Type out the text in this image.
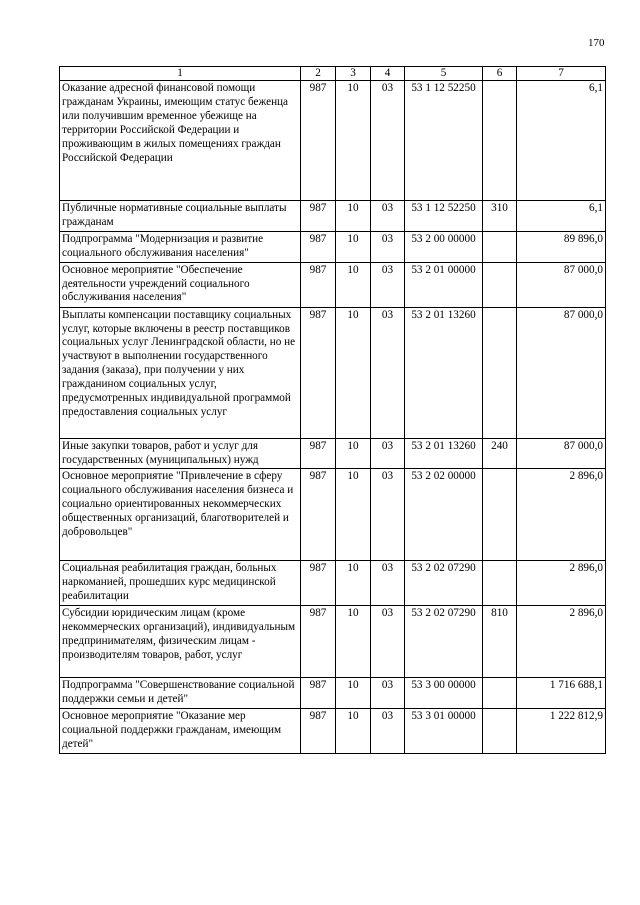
170
1	2	3	4	5	6	7
Оказание адресной финансовой помощи гражданам Украины, имеющим статус беженца или получившим временное убежище на территории Российской Федерации и проживающим в жилых помещениях граждан Российской Федерации	987	10	03	53 1 12 52250		6,1
Публичные нормативные социальные выплаты гражданам	987	10	03	53 1 12 52250	310	6,1
Подпрограмма "Модернизация и развитие социального обслуживания населения"	987	10	03	53 2 00 00000		89 896,0
Основное мероприятие "Обеспечение деятельности учреждений социального обслуживания населения"	987	10	03	53 2 01 00000		87 000,0
Выплаты компенсации поставщику социальных услуг, которые включены в реестр поставщиков социальных услуг Ленинградской области, но не участвуют в выполнении государственного задания (заказа), при получении у них гражданином социальных услуг, предусмотренных индивидуальной программой предоставления социальных услуг	987	10	03	53 2 01 13260		87 000,0
Иные закупки товаров, работ и услуг для государственных (муниципальных) нужд	987	10	03	53 2 01 13260	240	87 000,0
Основное мероприятие "Привлечение в сферу социального обслуживания населения бизнеса и социально ориентированных некоммерческих общественных организаций, благотворителей и добровольцев"	987	10	03	53 2 02 00000		2 896,0
Социальная реабилитация граждан, больных наркоманией, прошедших курс медицинской реабилитации	987	10	03	53 2 02 07290		2 896,0
Субсидии юридическим лицам (кроме некоммерческих организаций), индивидуальным предпринимателям, физическим лицам - производителям товаров, работ, услуг	987	10	03	53 2 02 07290	810	2 896,0
Подпрограмма "Совершенствование социальной поддержки семьи и детей"	987	10	03	53 3 00 00000		1 716 688,1
Основное мероприятие "Оказание мер социальной поддержки гражданам, имеющим детей"	987	10	03	53 3 01 00000		1 222 812,9
